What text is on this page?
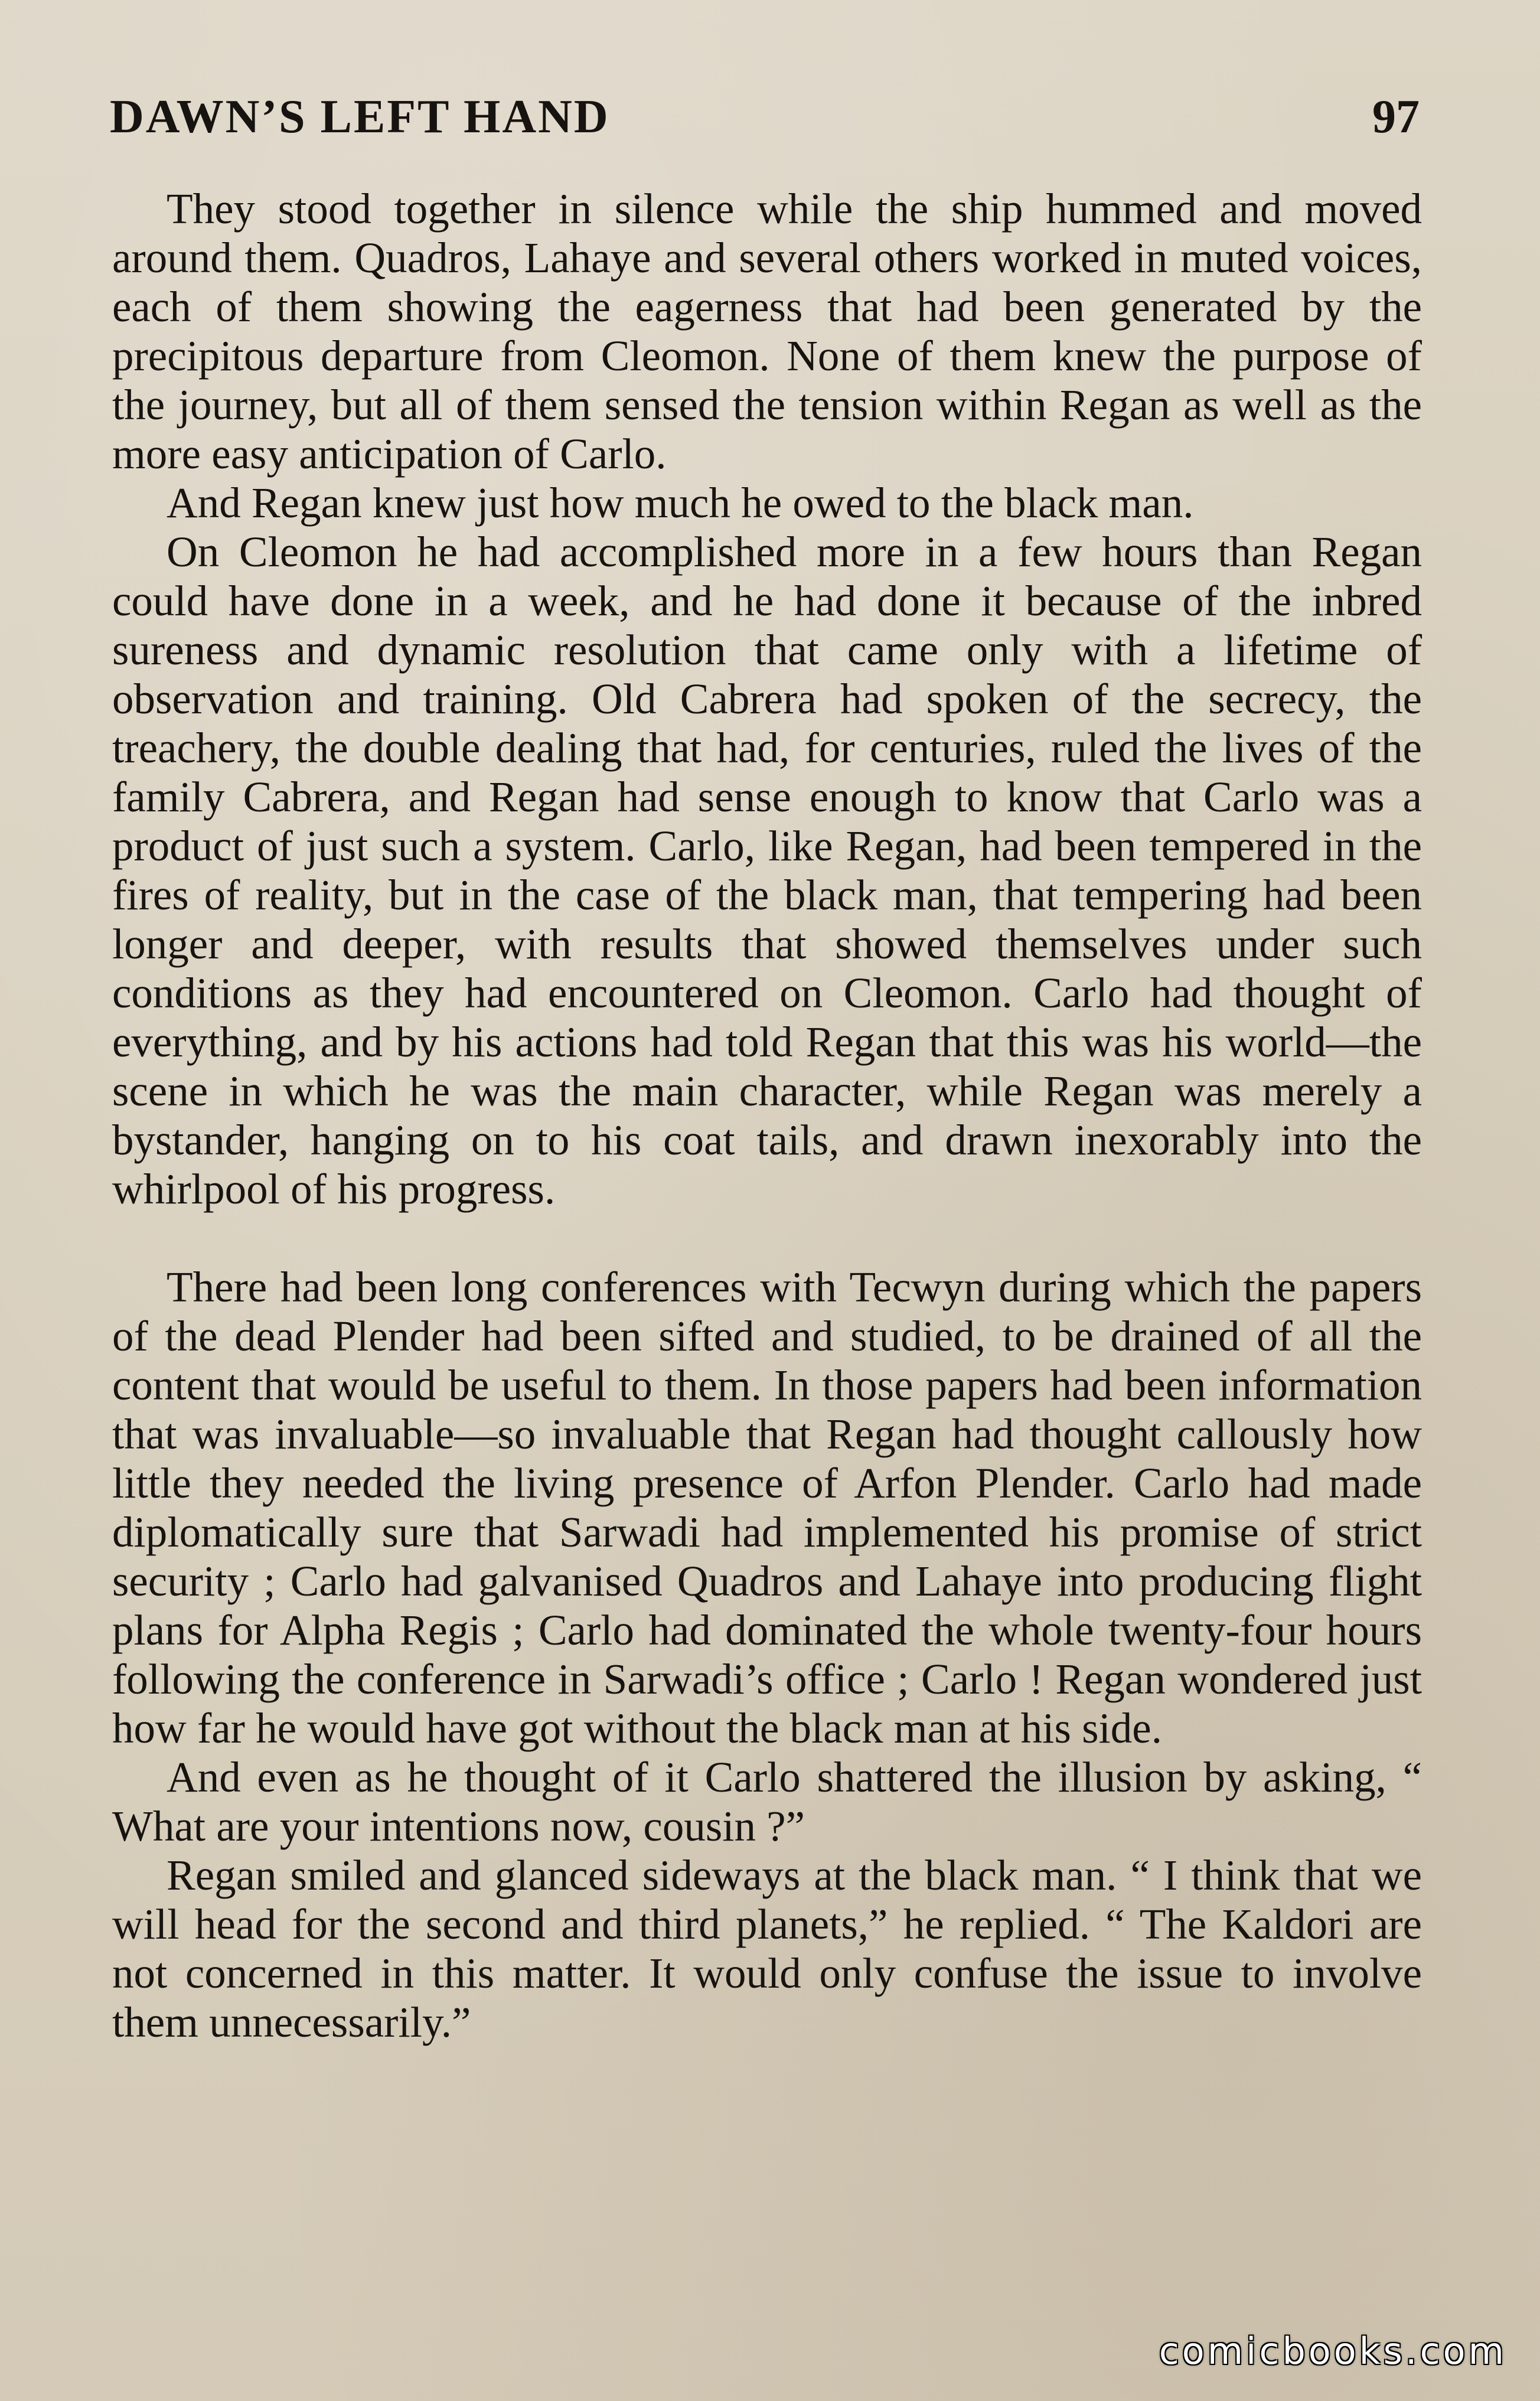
DAWN’S LEFT HAND	97

They stood together in silence while the ship hummed and moved around them. Quadros, Lahaye and several others worked in muted voices, each of them showing the eagerness that had been generated by the precipitous departure from Cleomon. None of them knew the purpose of the journey, but all of them sensed the tension within Regan as well as the more easy anticipation of Carlo.

And Regan knew just how much he owed to the black man.

On Cleomon he had accomplished more in a few hours than Regan could have done in a week, and he had done it because of the inbred sureness and dynamic resolution that came only with a lifetime of observation and training. Old Cabrera had spoken of the secrecy, the treachery, the double dealing that had, for centuries, ruled the lives of the family Cabrera, and Regan had sense enough to know that Carlo was a product of just such a system. Carlo, like Regan, had been tempered in the fires of reality, but in the case of the black man, that tempering had been longer and deeper, with results that showed themselves under such conditions as they had encountered on Cleomon. Carlo had thought of everything, and by his actions had told Regan that this was his world—the scene in which he was the main character, while Regan was merely a bystander, hanging on to his coat tails, and drawn inexorably into the whirlpool of his progress.

There had been long conferences with Tecwyn during which the papers of the dead Plender had been sifted and studied, to be drained of all the content that would be useful to them. In those papers had been information that was invaluable—so invaluable that Regan had thought callously how little they needed the living presence of Arfon Plender. Carlo had made diplomatically sure that Sarwadi had implemented his promise of strict security ; Carlo had galvanised Quadros and Lahaye into producing flight plans for Alpha Regis ; Carlo had dominated the whole twenty-four hours following the conference in Sarwadi’s office ; Carlo ! Regan wondered just how far he would have got without the black man at his side.

And even as he thought of it Carlo shattered the illusion by asking, “ What are your intentions now, cousin ?”

Regan smiled and glanced sideways at the black man. “ I think that we will head for the second and third planets,” he replied. “ The Kaldori are not concerned in this matter. It would only confuse the issue to involve them unnecessarily.”

comicbooks.com
